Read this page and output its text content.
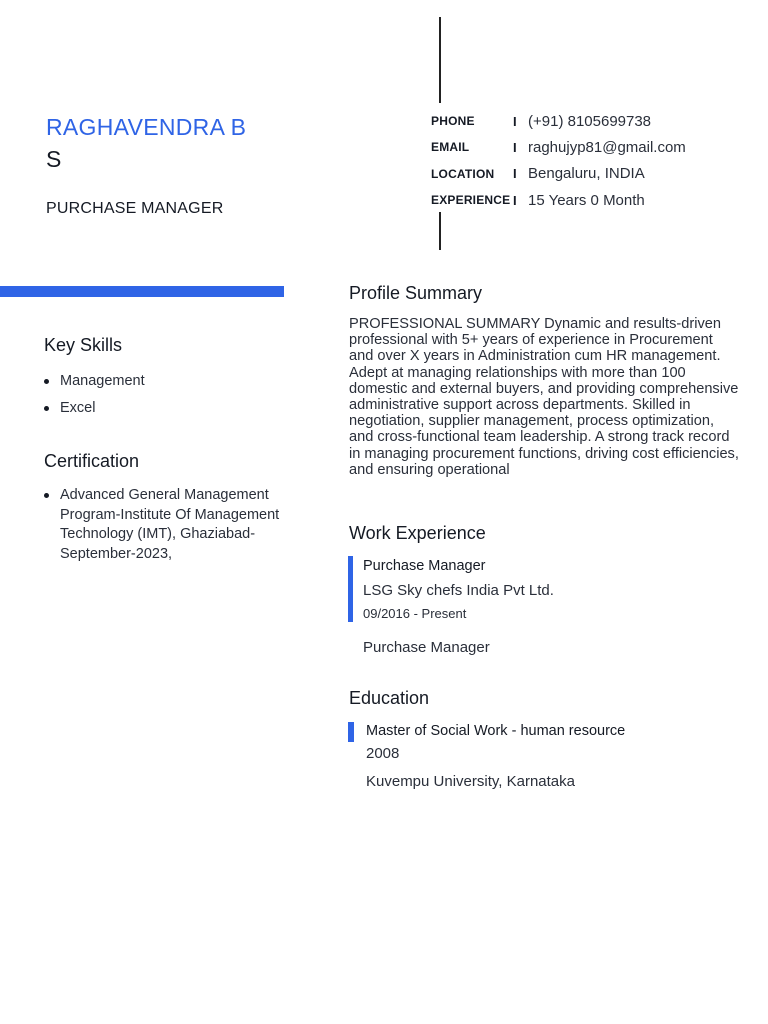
RAGHAVENDRA B
S
PURCHASE MANAGER
PHONE	I (+91) 8105699738
EMAIL	I raghujyp81@gmail.com
LOCATION	I Bengaluru, INDIA
EXPERIENCE I 15 Years 0 Month
Key Skills
Management
Excel
Certification
Advanced General Management Program-Institute Of Management Technology (IMT), Ghaziabad-September-2023,
Profile Summary
PROFESSIONAL SUMMARY Dynamic and results-driven professional with 5+ years of experience in Procurement and over X years in Administration cum HR management. Adept at managing relationships with more than 100 domestic and external buyers, and providing comprehensive administrative support across departments. Skilled in negotiation, supplier management, process optimization, and cross-functional team leadership. A strong track record in managing procurement functions, driving cost efficiencies, and ensuring operational
Work Experience
Purchase Manager
LSG Sky chefs India Pvt Ltd.
09/2016 - Present
Purchase Manager
Education
Master of Social Work - human resource
2008
Kuvempu University, Karnataka
